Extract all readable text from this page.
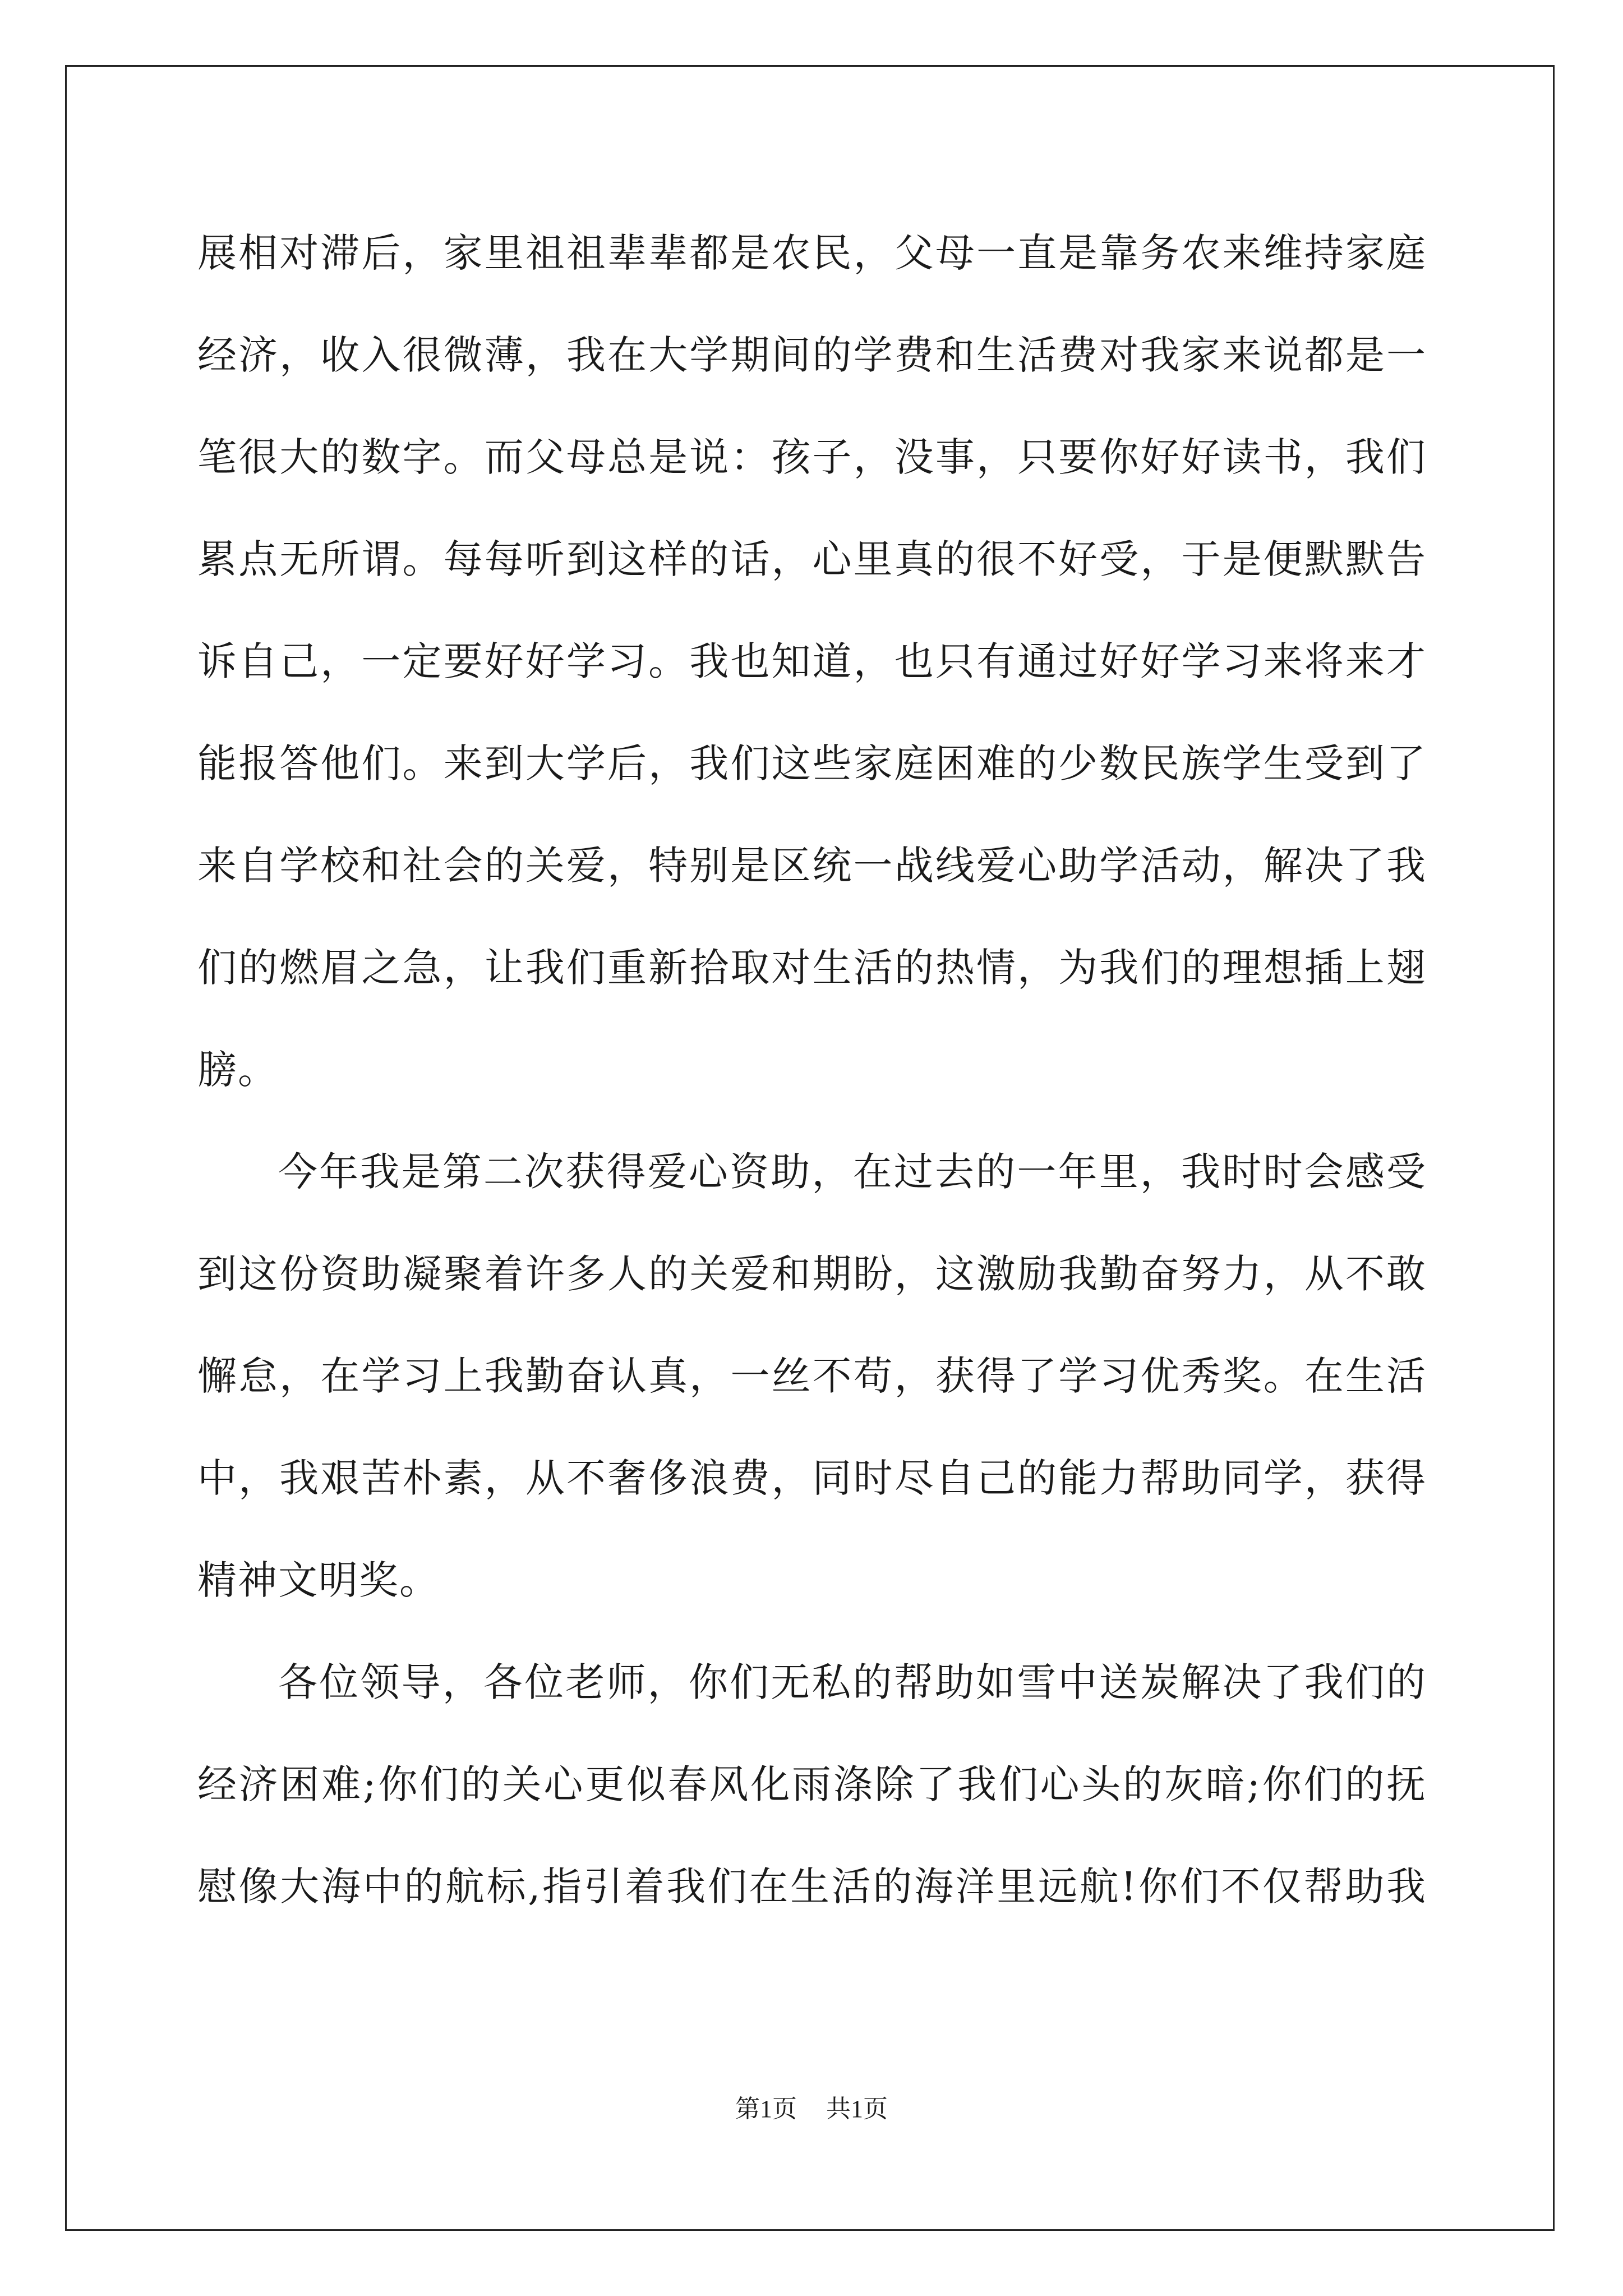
展相对滞后，家里祖祖辈辈都是农民，父母一直是靠务农来维持家庭
经济，收入很微薄，我在大学期间的学费和生活费对我家来说都是一
笔很大的数字。而父母总是说：孩子，没事，只要你好好读书，我们
累点无所谓。每每听到这样的话，心里真的很不好受，于是便默默告
诉自己，一定要好好学习。我也知道，也只有通过好好学习来将来才
能报答他们。来到大学后，我们这些家庭困难的少数民族学生受到了
来自学校和社会的关爱，特别是区统一战线爱心助学活动，解决了我
们的燃眉之急，让我们重新拾取对生活的热情，为我们的理想插上翅
膀。
今年我是第二次获得爱心资助，在过去的一年里，我时时会感受
到这份资助凝聚着许多人的关爱和期盼，这激励我勤奋努力，从不敢
懈怠，在学习上我勤奋认真，一丝不苟，获得了学习优秀奖。在生活
中，我艰苦朴素，从不奢侈浪费，同时尽自己的能力帮助同学，获得
精神文明奖。
各位领导，各位老师，你们无私的帮助如雪中送炭解决了我们的
经济困难;你们的关心更似春风化雨涤除了我们心头的灰暗;你们的抚
慰像大海中的航标,指引着我们在生活的海洋里远航!你们不仅帮助我
第1页 共1页
